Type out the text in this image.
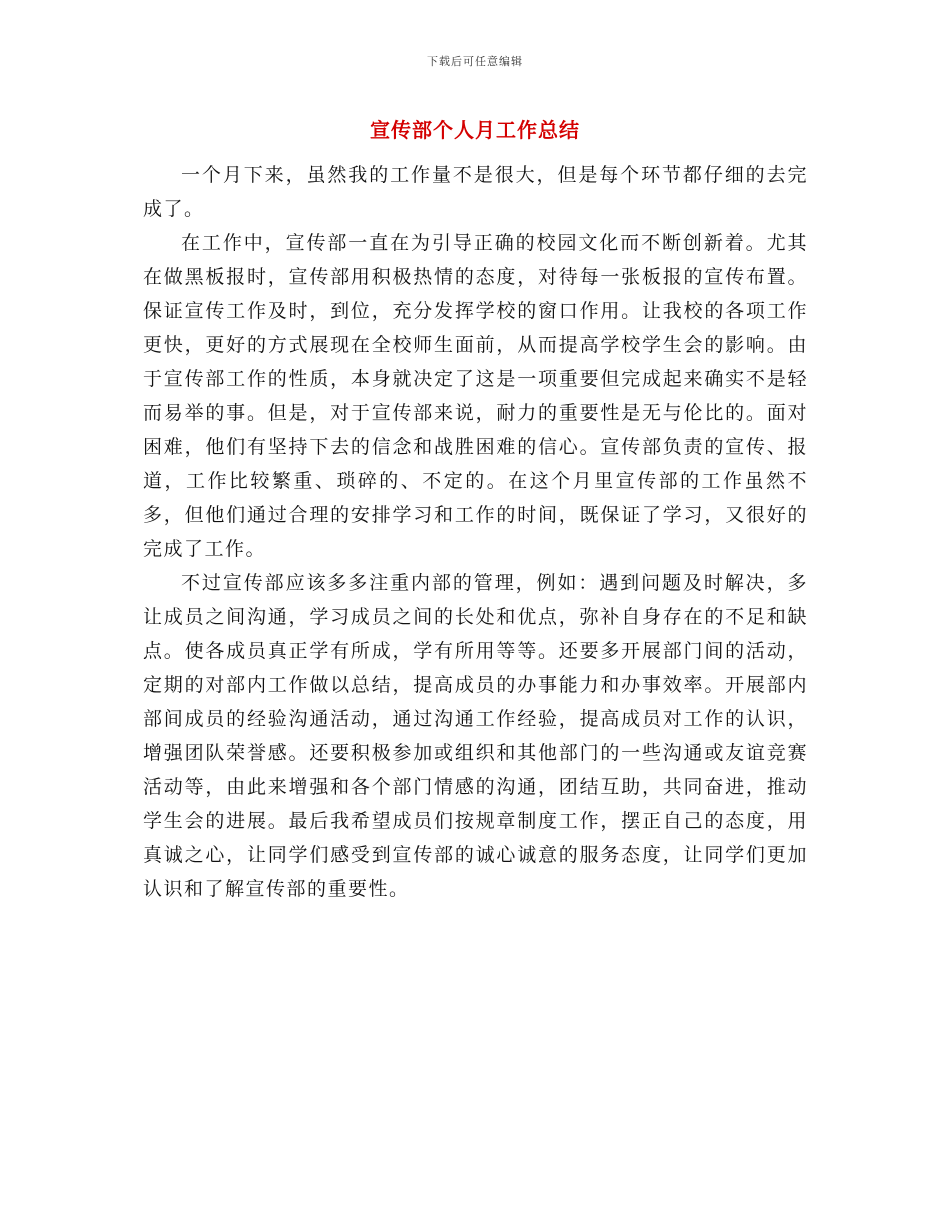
下载后可任意编辑
宣传部个人月工作总结

一个月下来，虽然我的工作量不是很大，但是每个环节都仔细的去完成了。

在工作中，宣传部一直在为引导正确的校园文化而不断创新着。尤其在做黑板报时，宣传部用积极热情的态度，对待每一张板报的宣传布置。保证宣传工作及时，到位，充分发挥学校的窗口作用。让我校的各项工作更快，更好的方式展现在全校师生面前，从而提高学校学生会的影响。由于宣传部工作的性质，本身就决定了这是一项重要但完成起来确实不是轻而易举的事。但是，对于宣传部来说，耐力的重要性是无与伦比的。面对困难，他们有坚持下去的信念和战胜困难的信心。宣传部负责的宣传、报道，工作比较繁重、琐碎的、不定的。在这个月里宣传部的工作虽然不多，但他们通过合理的安排学习和工作的时间，既保证了学习，又很好的完成了工作。

不过宣传部应该多多注重内部的管理，例如：遇到问题及时解决，多让成员之间沟通，学习成员之间的长处和优点，弥补自身存在的不足和缺点。使各成员真正学有所成，学有所用等等。还要多开展部门间的活动，定期的对部内工作做以总结，提高成员的办事能力和办事效率。开展部内部间成员的经验沟通活动，通过沟通工作经验，提高成员对工作的认识，增强团队荣誉感。还要积极参加或组织和其他部门的一些沟通或友谊竞赛活动等，由此来增强和各个部门情感的沟通，团结互助，共同奋进，推动学生会的进展。最后我希望成员们按规章制度工作，摆正自己的态度，用真诚之心，让同学们感受到宣传部的诚心诚意的服务态度，让同学们更加认识和了解宣传部的重要性。
